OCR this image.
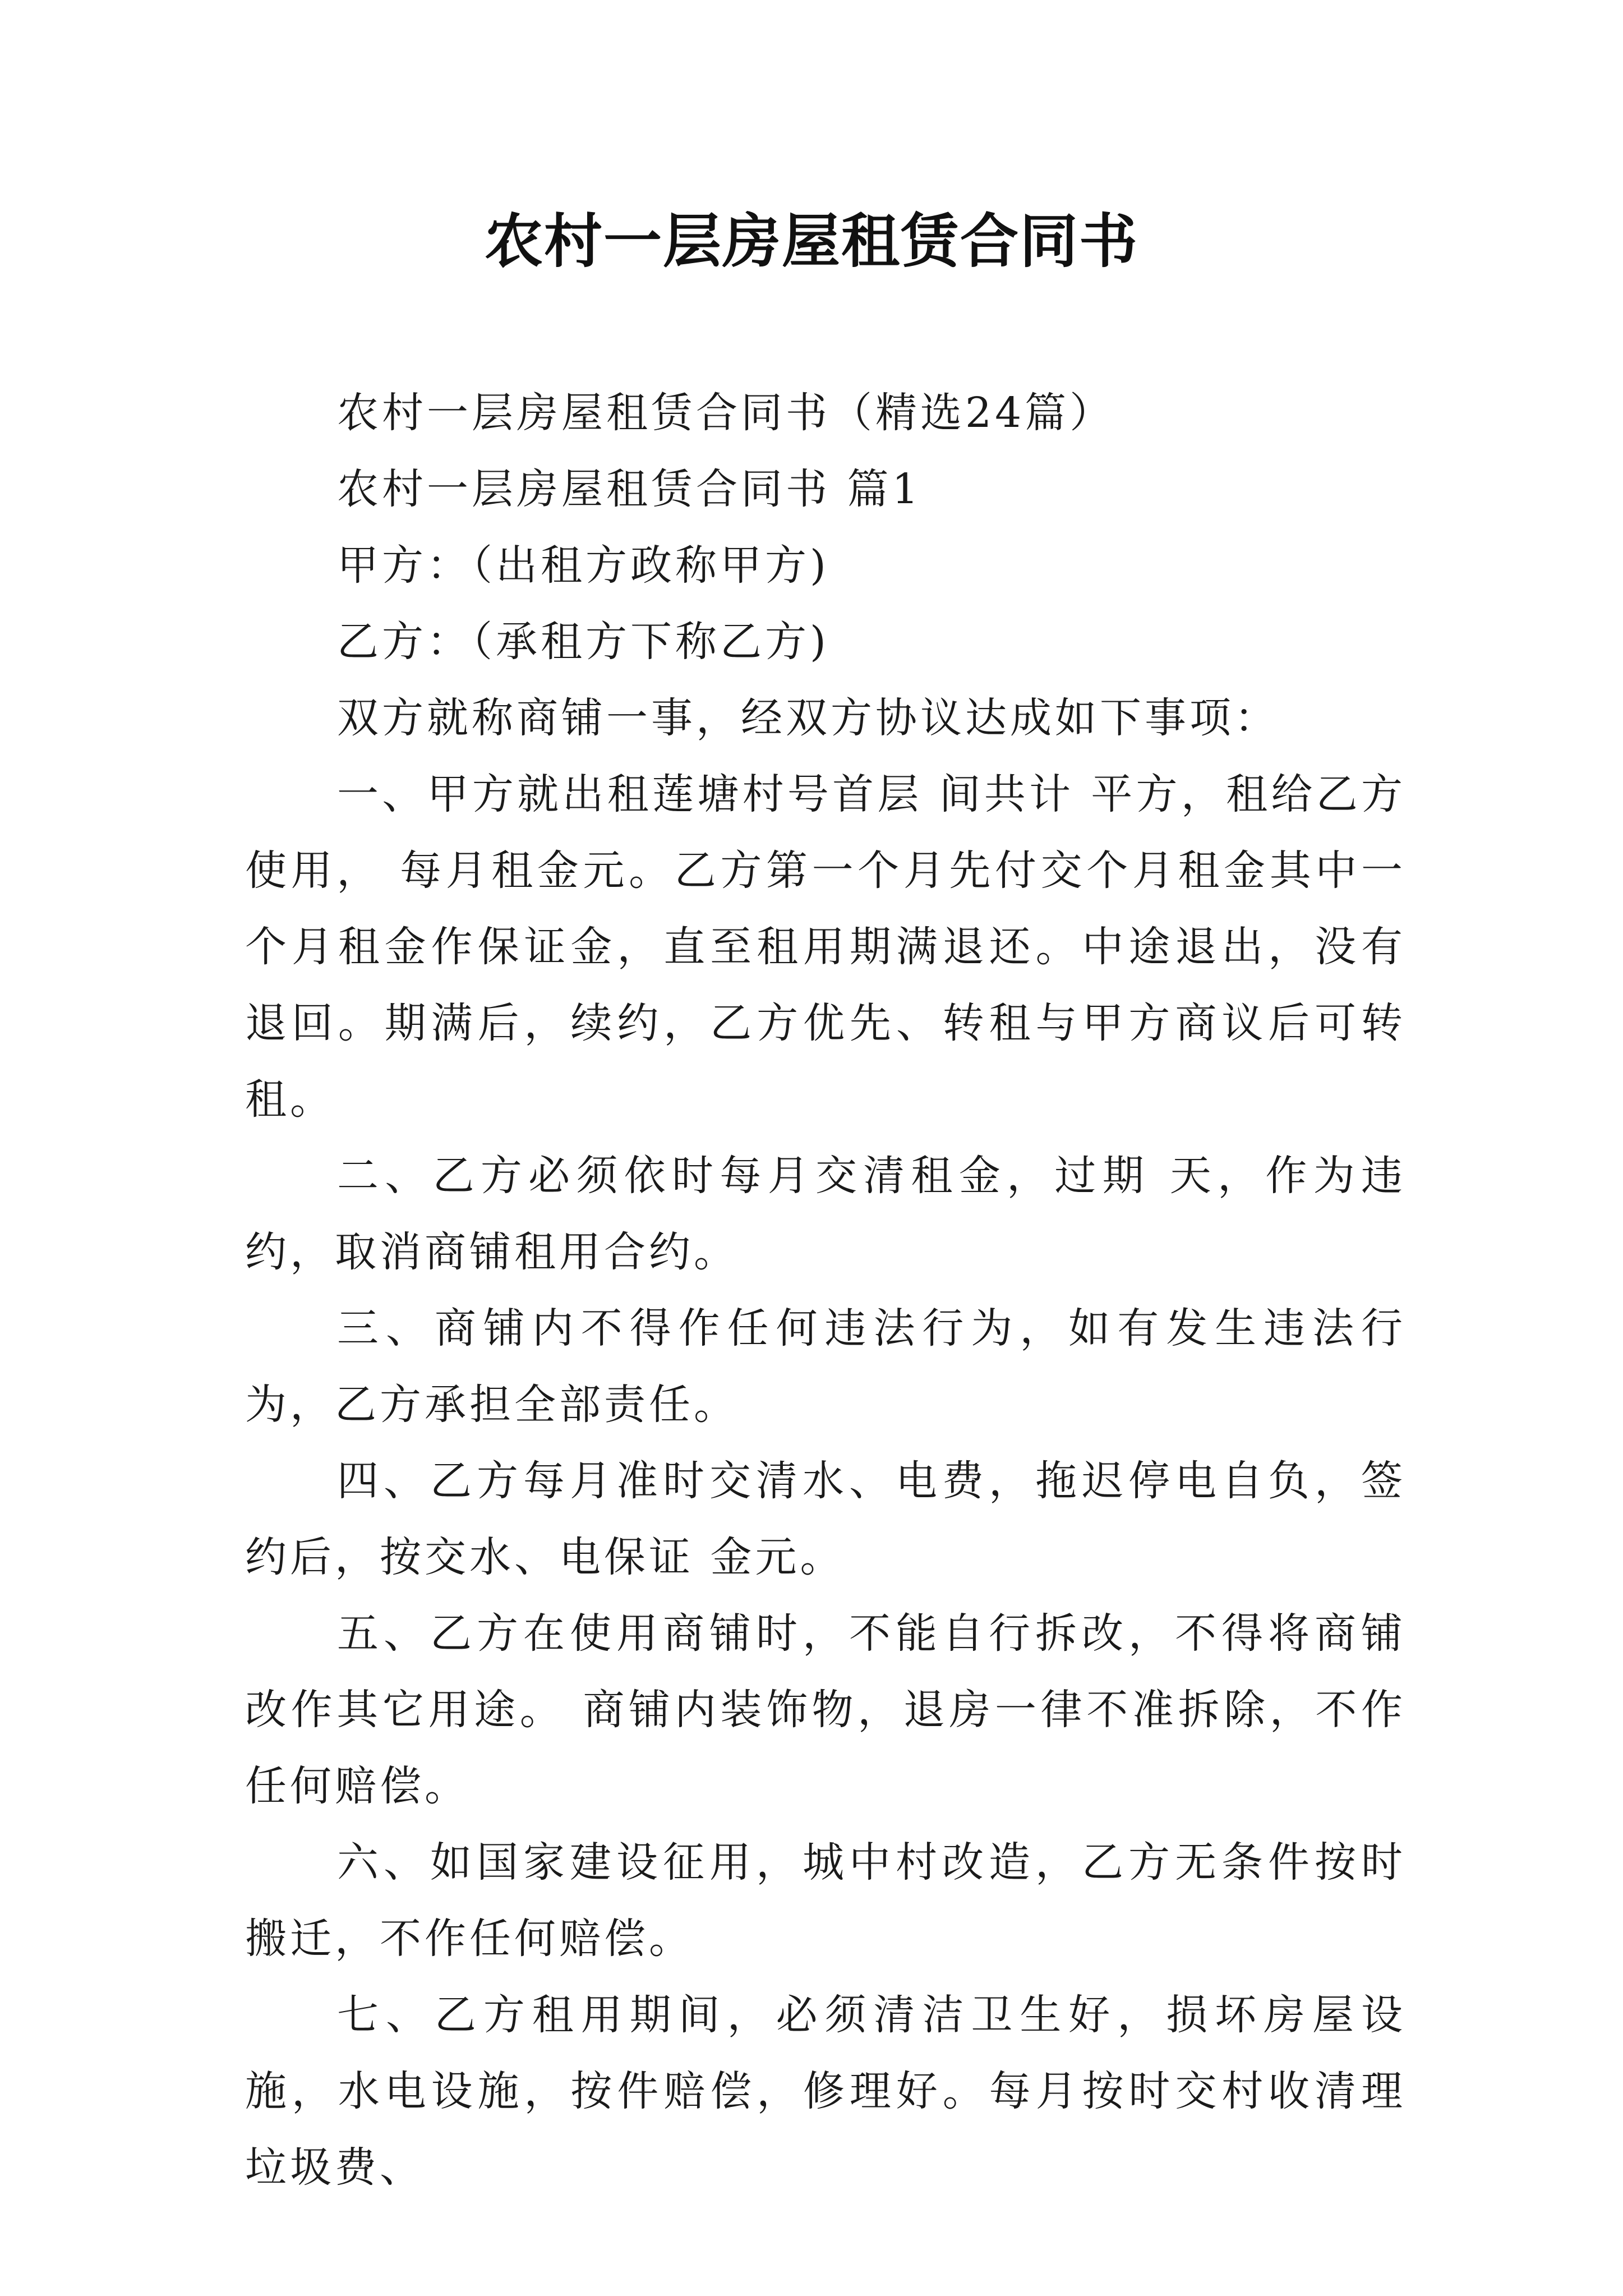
农村一层房屋租赁合同书

农村一层房屋租赁合同书（精选24篇）

农村一层房屋租赁合同书 篇1

甲方：（出租方政称甲方)

乙方：（承租方下称乙方)

双方就称商铺一事，经双方协议达成如下事项：

一、甲方就出租莲塘村号首层 间共计 平方，租给乙方使用， 每月租金元。乙方第一个月先付交个月租金其中一个月租金作保证金，直至租用期满退还。中途退出，没有退回。期满后，续约，乙方优先、转租与甲方商议后可转租。

二、乙方必须依时每月交清租金，过期 天，作为违约，取消商铺租用合约。

三、商铺内不得作任何违法行为，如有发生违法行为，乙方承担全部责任。

四、乙方每月准时交清水、电费，拖迟停电自负，签约后，按交水、电保证 金元。

五、乙方在使用商铺时，不能自行拆改，不得将商铺改作其它用途。 商铺内装饰物，退房一律不准拆除，不作任何赔偿。

六、如国家建设征用，城中村改造，乙方无条件按时搬迁，不作任何赔偿。

七、乙方租用期间，必须清洁卫生好，损坏房屋设施，水电设施，按件赔偿，修理好。每月按时交村收清理垃圾费、
